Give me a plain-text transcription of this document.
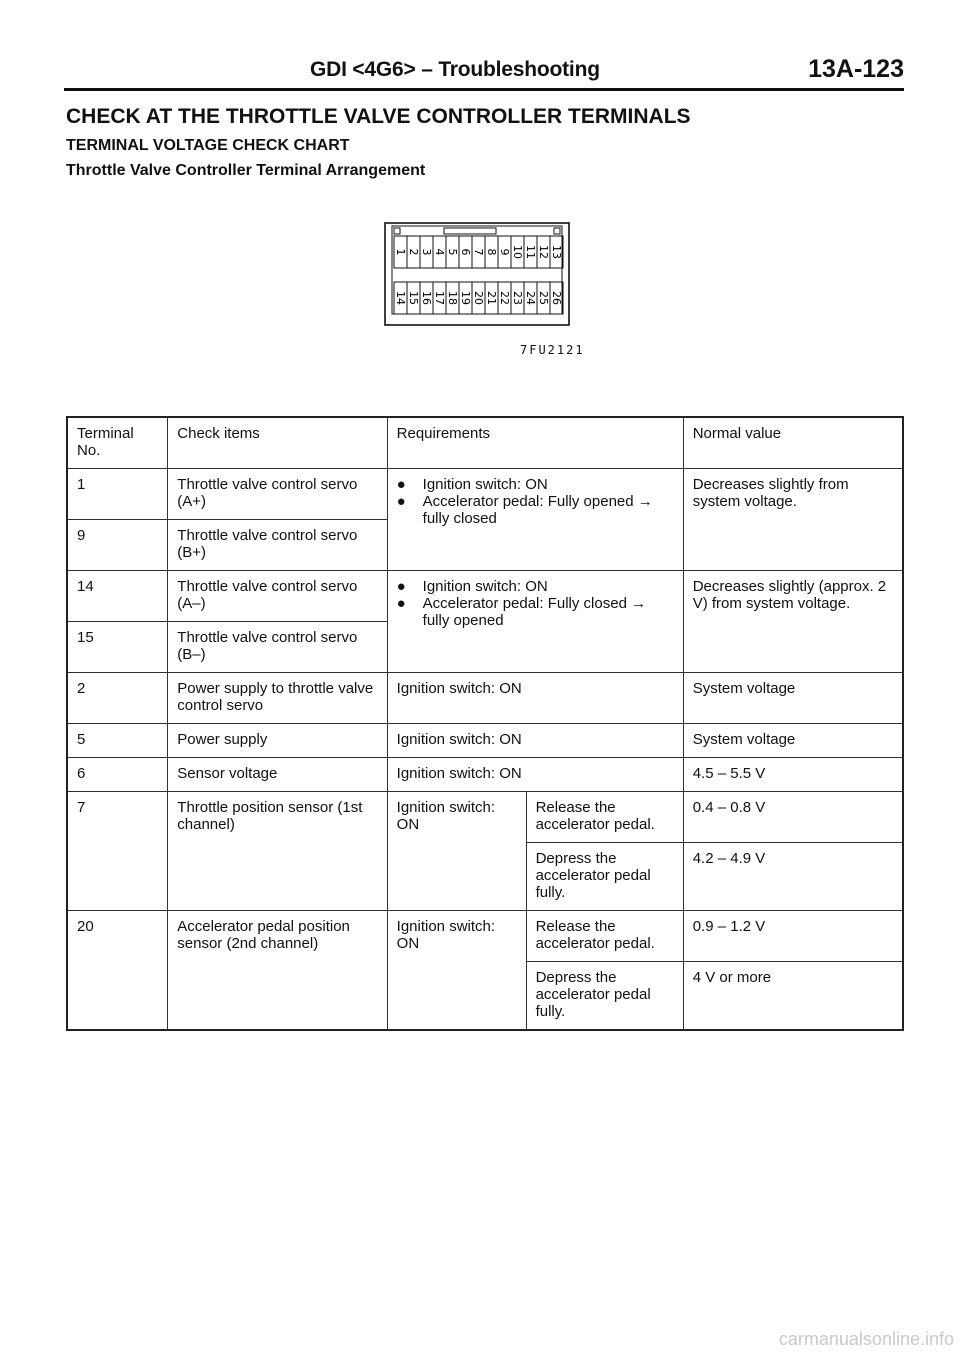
GDI <4G6> – Troubleshooting	13A-123
CHECK AT THE THROTTLE VALVE CONTROLLER TERMINALS
TERMINAL VOLTAGE CHECK CHART
Throttle Valve Controller Terminal Arrangement
1 2 3 4 5 6 7 8 9 10 11 12 13
14 15 16 17 18 19 20 21 22 23 24 25 26
7FU2121
Terminal No.	Check items	Requirements		Normal value
1	Throttle valve control servo (A+)	● Ignition switch: ON
● Accelerator pedal: Fully opened → fully closed		Decreases slightly from system voltage.
9	Throttle valve control servo (B+)			
14	Throttle valve control servo (A–)	● Ignition switch: ON
● Accelerator pedal: Fully closed → fully opened		Decreases slightly (approx. 2 V) from system voltage.
15	Throttle valve control servo (B–)			
2	Power supply to throttle valve control servo	Ignition switch: ON		System voltage
5	Power supply	Ignition switch: ON		System voltage
6	Sensor voltage	Ignition switch: ON		4.5 – 5.5 V
7	Throttle position sensor (1st channel)	Ignition switch: ON	Release the accelerator pedal.	0.4 – 0.8 V
			Depress the accelerator pedal fully.	4.2 – 4.9 V
20	Accelerator pedal position sensor (2nd channel)	Ignition switch: ON	Release the accelerator pedal.	0.9 – 1.2 V
			Depress the accelerator pedal fully.	4 V or more
carmanualsonline.info
